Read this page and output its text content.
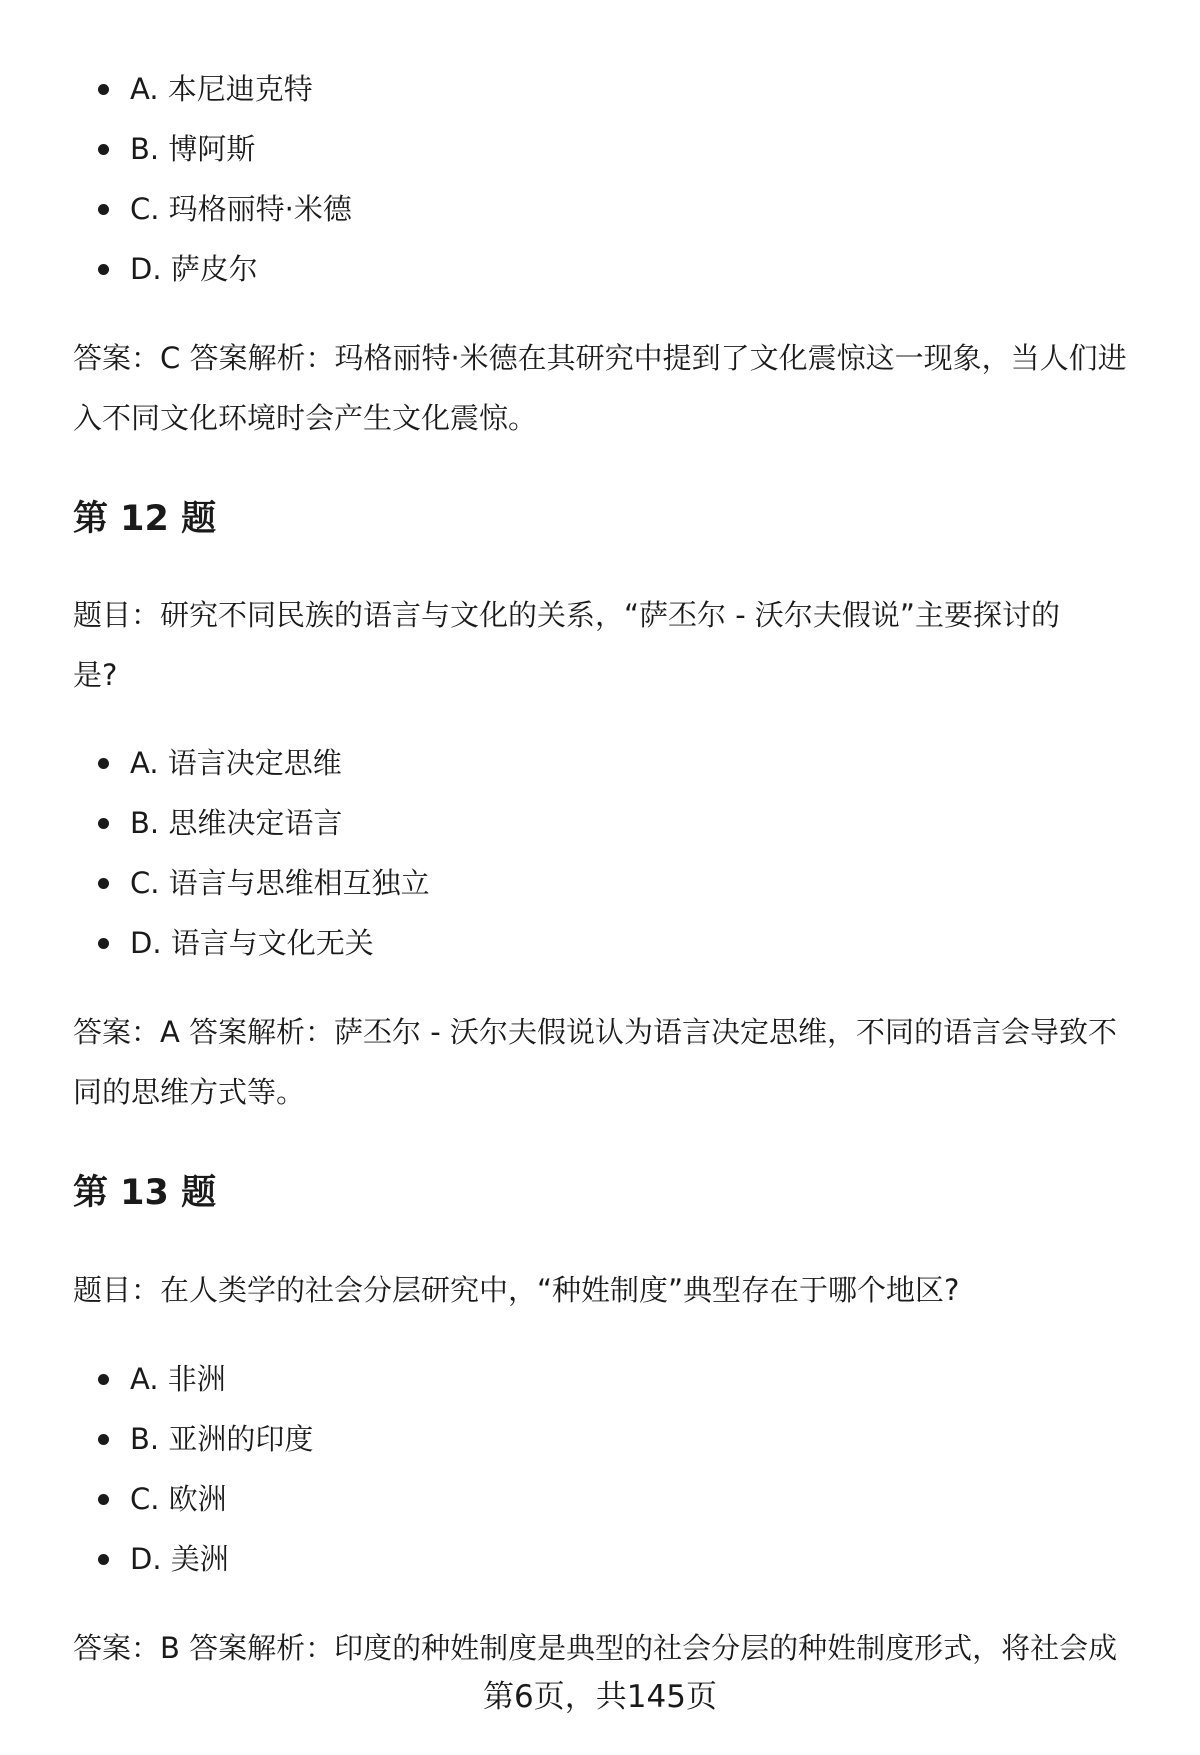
A. 本尼迪克特
B. 博阿斯
C. 玛格丽特·米德
D. 萨皮尔
答案：C 答案解析：玛格丽特·米德在其研究中提到了文化震惊这一现象，当人们进
入不同文化环境时会产生文化震惊。
第 12 题
题目：研究不同民族的语言与文化的关系，“萨丕尔 - 沃尔夫假说”主要探讨的
是?
A. 语言决定思维
B. 思维决定语言
C. 语言与思维相互独立
D. 语言与文化无关
答案：A 答案解析：萨丕尔 - 沃尔夫假说认为语言决定思维，不同的语言会导致不
同的思维方式等。
第 13 题
题目：在人类学的社会分层研究中，“种姓制度”典型存在于哪个地区?
A. 非洲
B. 亚洲的印度
C. 欧洲
D. 美洲
答案：B 答案解析：印度的种姓制度是典型的社会分层的种姓制度形式，将社会成
第6页，共145页
